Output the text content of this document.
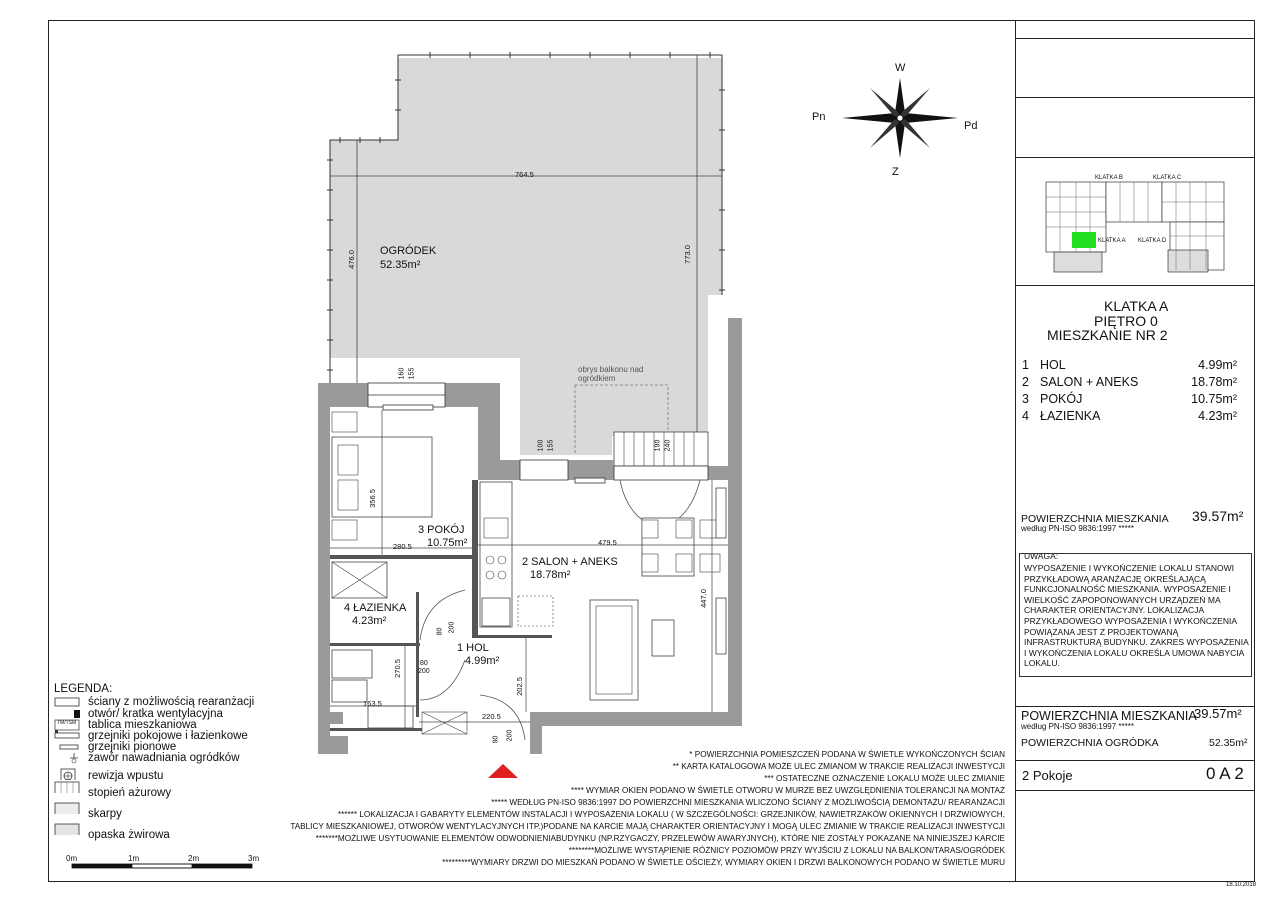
W
Pd
Z
Pn
OGRÓDEK
52.35m²
obrys balkonu nad
ogródkiem
3 POKÓJ
10.75m²
2 SALON + ANEKS
18.78m²
4 ŁAZIENKA
4.23m²
1 HOL
4.99m²
764.5
476.0	773.0
160 155
100 155	190 240
356.5
280.5	479.5
447.0
80 200
80
200
270.5
163.5
220.5
202.5
90 200
KLATKA B	KLATKA C
KLATKA A KLATKA D
KLATKA A
PIĘTRO 0
MIESZKANIE NR 2
1 HOL	4.99m²
2 SALON + ANEKS	18.78m²
3 POKÓJ	10.75m²
4 ŁAZIENKA	4.23m²
POWIERZCHNIA MIESZKANIA
według PN-ISO 9836:1997 *****
39.57m²
UWAGA:
WYPOSAŻENIE I WYKOŃCZENIE LOKALU STANOWI
PRZYKŁADOWĄ ARANŻACJĘ OKREŚLAJĄCĄ
FUNKCJONALNOŚĆ MIESZKANIA. WYPOSAŻENIE I
WIELKOŚĆ ZAPOPONOWANYCH URZĄDZEŃ MA
CHARAKTER ORIENTACYJNY. LOKALIZACJA
PRZYKŁADOWEGO WYPOSAŻENIA I WYKOŃCZENIA
POWIĄZANA JEST Z PROJEKTOWANĄ
INFRASTRUKTURĄ BUDYNKU. ZAKRES WYPOSAŻENIA
I WYKOŃCZENIA LOKALU OKREŚLA UMOWA NABYCIA
LOKALU.
POWIERZCHNIA MIESZKANIA
39.57m²
według PN-ISO 9836:1997 *****
POWIERZCHNIA OGRÓDKA	52.35m²
2 Pokoje	0 A 2
18.10.2018
LEGENDA:
ściany z możliwością rearanżacji
otwór/ kratka wentylacyjna
TM/TSM tablica mieszkaniowa
grzejniki pokojowe i łazienkowe
grzejniki pionowe
zawór nawadniania ogródków
rewizja wpustu
stopień ażurowy
skarpy
opaska żwirowa
0m	1m	2m	3m
* POWIERZCHNIA POMIESZCZEŃ PODANA W ŚWIETLE WYKOŃCZONYCH ŚCIAN
** KARTA KATALOGOWA MOŻE ULEC ZMIANOM W TRAKCIE REALIZACJI INWESTYCJI
*** OSTATECZNE OZNACZENIE LOKALU MOŻE ULEC ZMIANIE
**** WYMIAR OKIEN PODANO W ŚWIETLE OTWORU W MURZE BEZ UWZGLĘDNIENIA TOLERANCJI NA MONTAŻ
***** WEDŁUG PN-ISO 9836:1997 DO POWIERZCHNI MIESZKANIA WLICZONO ŚCIANY Z MOŻLIWOŚCIĄ DEMONTAŻU/ REARANŻACJI
****** LOKALIZACJA I GABARYTY ELEMENTÓW INSTALACJI I WYPOSAŻENIA LOKALU ( W SZCZEGÓLNOŚCI: GRZEJNIKÓW, NAWIETRZAKÓW OKIENNYCH I DRZWIOWYCH,
TABLICY MIESZKANIOWEJ, OTWORÓW WENTYLACYJNYCH ITP.)PODANE NA KARCIE MAJĄ CHARAKTER ORIENTACYJNY I MOGĄ ULEC ZMIANIE W TRAKCIE REALIZACJI INWESTYCJI
*******MOŻLIWE USYTUOWANIE ELEMENTÓW ODWODNIENIABUDYNKU (NP.RZYGACZY, PRZELEWÓW AWARYJNYCH), KTÓRE NIE ZOSTAŁY POKAZANE NA NINIEJSZEJ KARCIE
********MOŻLIWE WYSTĄPIENIE RÓŻNICY POZIOMÓW PRZY WYJŚCIU Z LOKALU NA BALKON/TARAS/OGRÓDEK
*********WYMIARY DRZWI DO MIESZKAŃ PODANO W ŚWIETLE OŚCIEŻY, WYMIARY OKIEN I DRZWI BALKONOWYCH PODANO W ŚWIETLE MURU
